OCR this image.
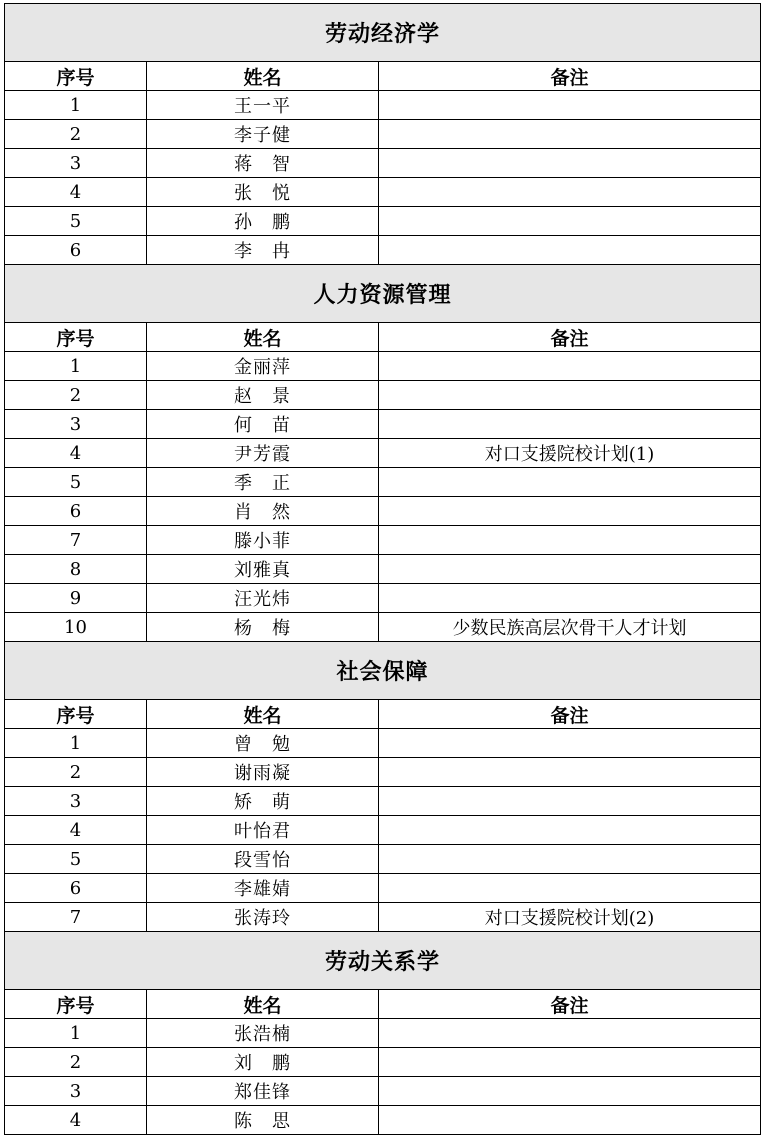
劳动经济学		
序号	姓名	备注
1	王一平	
2	李子健	
3	蒋　智	
4	张　悦	
5	孙　鹏	
6	李　冉	
人力资源管理		
序号	姓名	备注
1	金丽萍	
2	赵　景	
3	何　苗	
4	尹芳霞	对口支援院校计划(1)
5	季　正	
6	肖　然	
7	滕小菲	
8	刘雅真	
9	汪光炜	
10	杨　梅	少数民族高层次骨干人才计划
社会保障		
序号	姓名	备注
1	曾　勉	
2	谢雨凝	
3	矫　萌	
4	叶怡君	
5	段雪怡	
6	李雄婧	
7	张涛玲	对口支援院校计划(2)
劳动关系学		
序号	姓名	备注
1	张浩楠	
2	刘　鹏	
3	郑佳锋	
4	陈　思	
